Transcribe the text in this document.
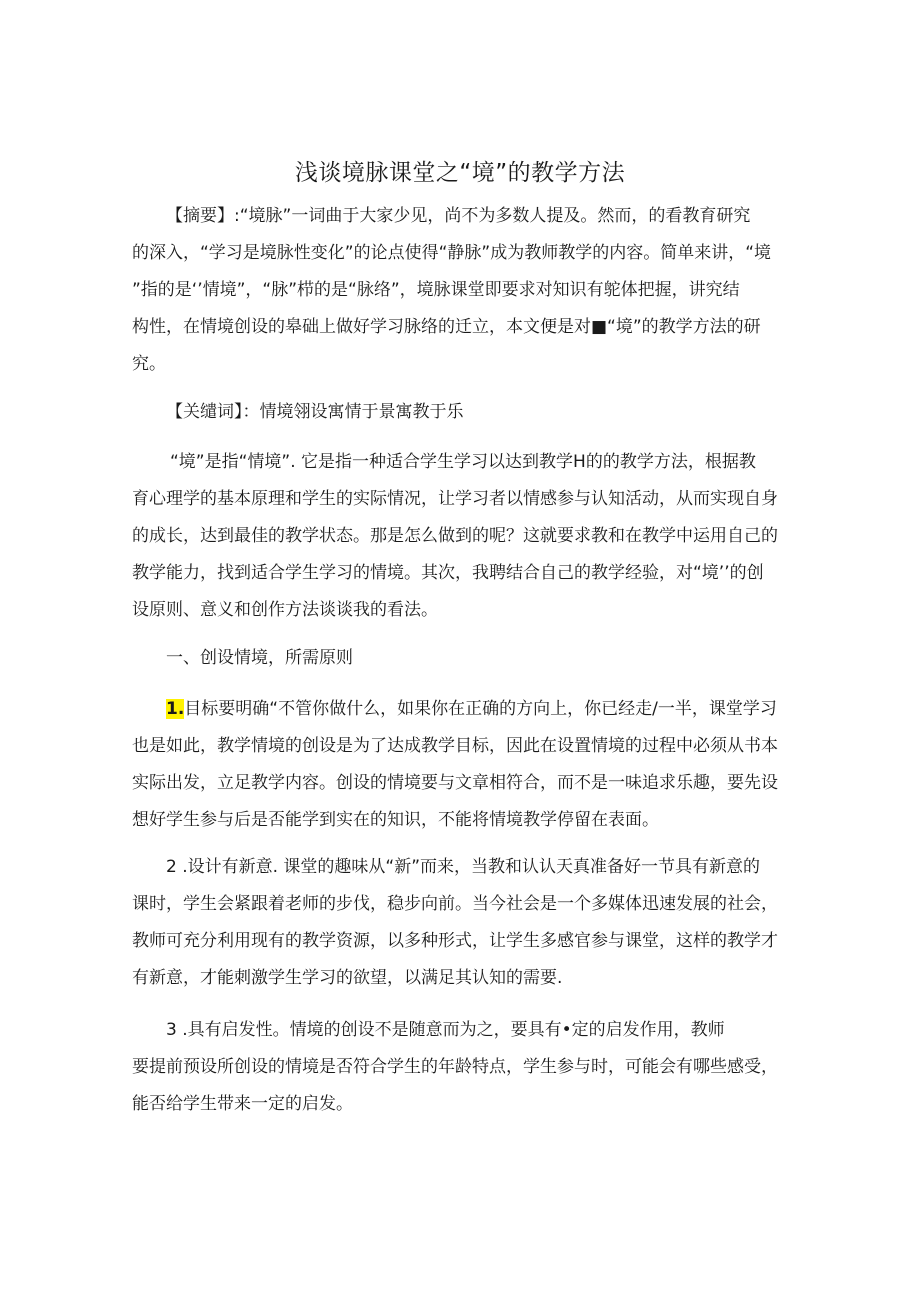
浅谈境脉课堂之“境”的教学方法
【摘要】:“境脉”一词曲于大家少见，尚不为多数人提及。然而，的看教育研究
的深入，“学习是境脉性变化”的论点使得“静脉”成为教师教学的内容。简单来讲，“境
”指的是‘’情境”，“脉”栉的是“脉络”，境脉课堂即要求对知识有鸵体把握，讲究结
构性，在情境创设的皋础上做好学习脉络的迁立，本文便是对■“境”的教学方法的研
究。
【关缱词】：情境翎设寓情于景寓教于乐
“境”是指“情境”. 它是指一种适合学生学习以达到教学H的的教学方法，根据教
育心理学的基本原理和学生的实际情况，让学习者以情感参与认知活动，从而实现自身
的成长，达到最佳的教学状态。那是怎么做到的呢？这就要求教和在教学中运用自己的
教学能力，找到适合学生学习的情境。其次，我聘结合自己的教学经验，对“境’’的创
设原则、意义和创作方法谈谈我的看法。
一、创设情境，所需原则
1.目标要明确“不管你做什么，如果你在正确的方向上，你已经走/一半，课堂学习
也是如此，教学情境的创设是为了达成教学目标，因此在设置情境的过程中必须从书本
实际出发，立足教学内容。创设的情境要与文章相符合，而不是一味追求乐趣，要先设
想好学生参与后是否能学到实在的知识，不能将情境教学停留在表面。
2 .设计有新意. 课堂的趣味从“新”而来，当教和认认天真准备好一节具有新意的
课时，学生会紧跟着老师的步伐，稳步向前。当今社会是一个多媒体迅速发展的社会，
教师可充分利用现有的教学资源，以多种形式，让学生多感官参与课堂，这样的教学才
有新意，才能刺激学生学习的欲望，以满足其认知的需要.
3 .具有启发性。情境的创设不是随意而为之，要具有•定的启发作用，教师
要提前预设所创设的情境是否符合学生的年龄特点，学生参与时，可能会有哪些感受，
能否给学生带来一定的启发。
